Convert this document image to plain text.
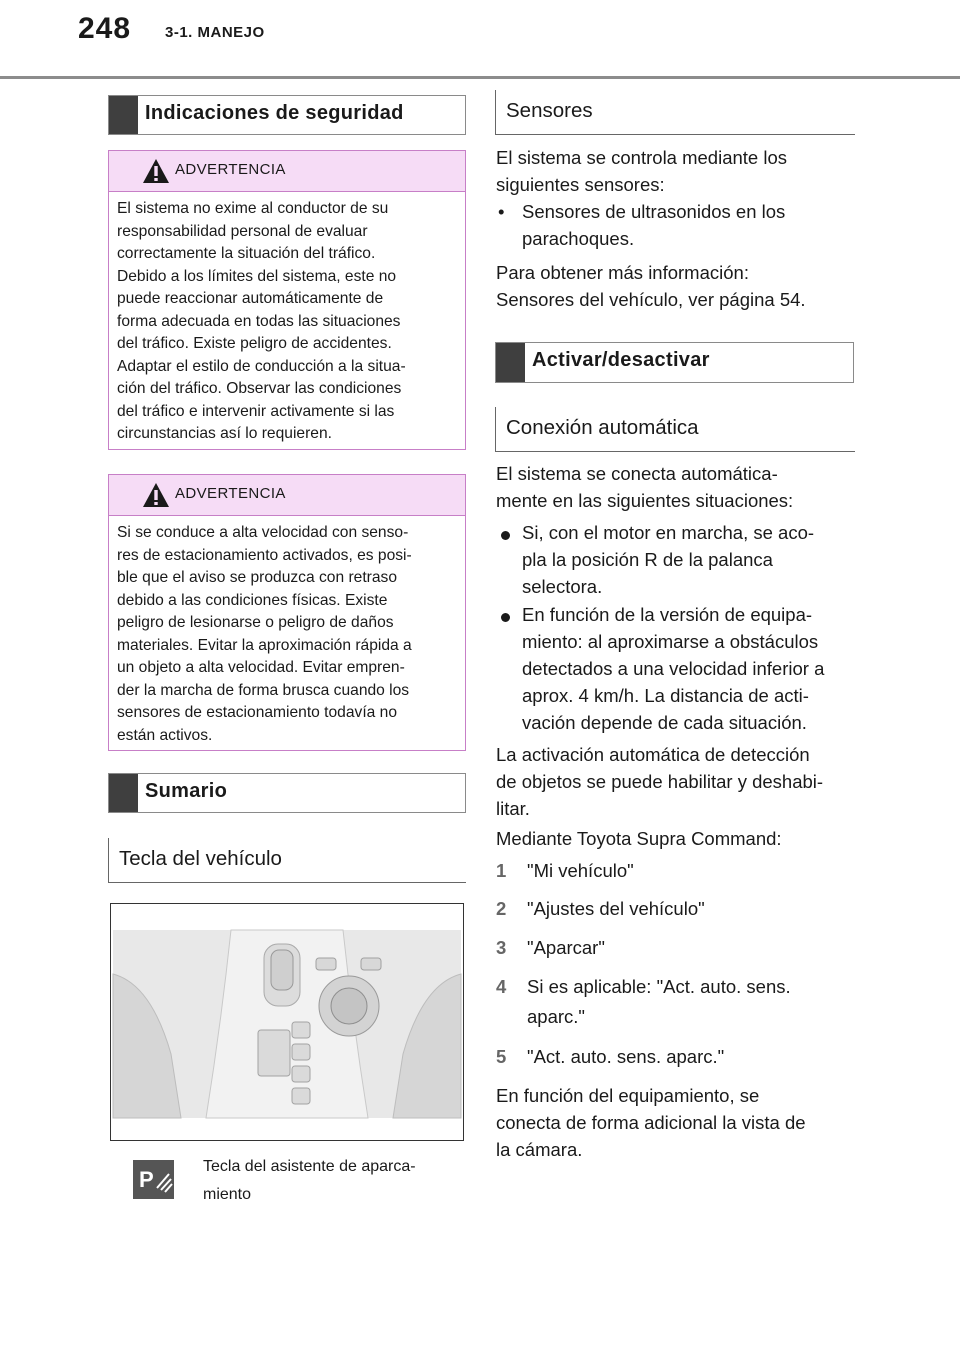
248 3-1. MANEJO
Indicaciones de seguridad
ADVERTENCIA
El sistema no exime al conductor de su
responsabilidad personal de evaluar
correctamente la situación del tráfico.
Debido a los límites del sistema, este no
puede reaccionar automáticamente de
forma adecuada en todas las situaciones
del tráfico. Existe peligro de accidentes.
Adaptar el estilo de conducción a la situa-
ción del tráfico. Observar las condiciones
del tráfico e intervenir activamente si las
circunstancias así lo requieren.
ADVERTENCIA
Si se conduce a alta velocidad con senso-
res de estacionamiento activados, es posi-
ble que el aviso se produzca con retraso
debido a las condiciones físicas. Existe
peligro de lesionarse o peligro de daños
materiales. Evitar la aproximación rápida a
un objeto a alta velocidad. Evitar empren-
der la marcha de forma brusca cuando los
sensores de estacionamiento todavía no
están activos.
Sumario
Tecla del vehículo
P
Tecla del asistente de aparca-
miento
Sensores
El sistema se controla mediante los
siguientes sensores:
• Sensores de ultrasonidos en los
parachoques.
Para obtener más información:
Sensores del vehículo, ver página 54.
Activar/desactivar
Conexión automática
El sistema se conecta automática-
mente en las siguientes situaciones:
Si, con el motor en marcha, se aco-
pla la posición R de la palanca
selectora.
En función de la versión de equipa-
miento: al aproximarse a obstáculos
detectados a una velocidad inferior a
aprox. 4 km/h. La distancia de acti-
vación depende de cada situación.
La activación automática de detección
de objetos se puede habilitar y deshabi-
litar.
Mediante Toyota Supra Command:
1 "Mi vehículo"
2 "Ajustes del vehículo"
3 "Aparcar"
4 Si es aplicable: "Act. auto. sens.
aparc."
5 "Act. auto. sens. aparc."
En función del equipamiento, se
conecta de forma adicional la vista de
la cámara.
